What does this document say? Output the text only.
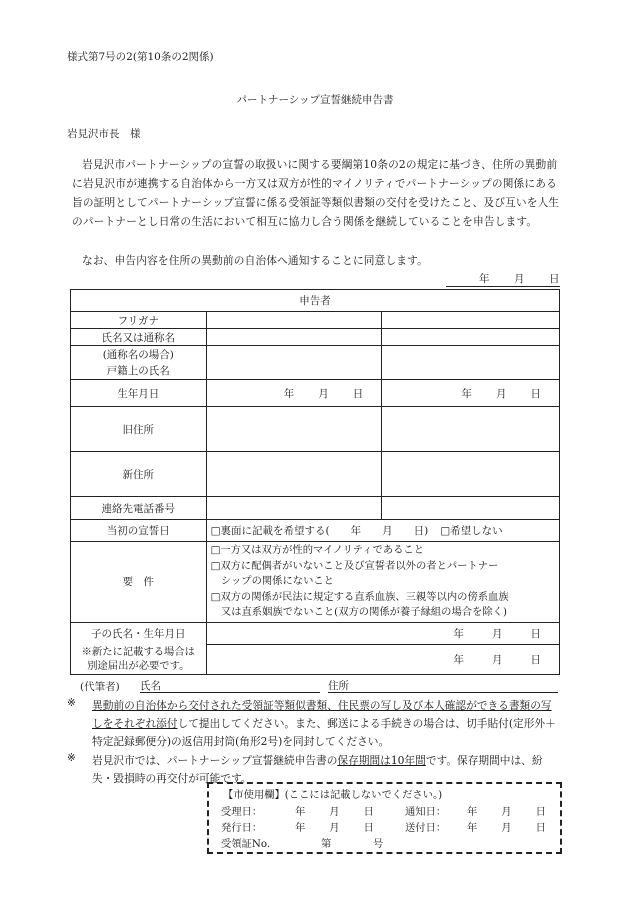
様式第7号の2(第10条の2関係)
パートナーシップ宣誓継続申告書
岩見沢市長　様
岩見沢市パートナーシップの宣誓の取扱いに関する要綱第10条の2の規定に基づき、住所の異動前に岩見沢市が連携する自治体から一方又は双方が性的マイノリティでパートナーシップの関係にある旨の証明としてパートナーシップ宣誓に係る受領証等類似書類の交付を受けたこと、及び互いを人生のパートナーとし日常の生活において相互に協力し合う関係を継続していることを申告します。
なお、申告内容を住所の異動前の自治体へ通知することに同意します。
年 月 日
申告者		
フリガナ		
氏名又は通称名		

(通称名の場合)
戸籍上の氏名		

生年月日	年 月 日	年 月 日
旧住所		
新住所		
連絡先電話番号		
当初の宣誓日	□裏面に記載を希望する(　　年　　月　　日) □希望しない	
要　件	□一方又は双方が性的マイノリティであること
□双方に配偶者がいないこと及び宣誓者以外の者とパートナー
　シップの関係にないこと
□双方の関係が民法に規定する直系血族、三親等以内の傍系血族
　又は直系姻族でないこと(双方の関係が養子縁組の場合を除く)	

子の氏名・生年月日	年 月 日	

※新たに記載する場合は
別途届出が必要です。	年 月 日	
(代筆者) 氏名	住所
※ 異動前の自治体から交付された受領証等類似書類、住民票の写し及び本人確認ができる書類の写しをそれぞれ添付して提出してください。また、郵送による手続きの場合は、切手貼付(定形外＋特定記録郵便分)の返信用封筒(角形2号)を同封してください。
※ 岩見沢市では、パートナーシップ宣誓継続申告書の保存期間は10年間です。保存期間中は、紛失・毀損時の再交付が可能です。
【市使用欄】(ここには記載しないでください。)
受理日：	年 月 日	通知日： 年 月 日
発行日：	年 月 日	送付日： 年 月 日
受領証No.	第	号
